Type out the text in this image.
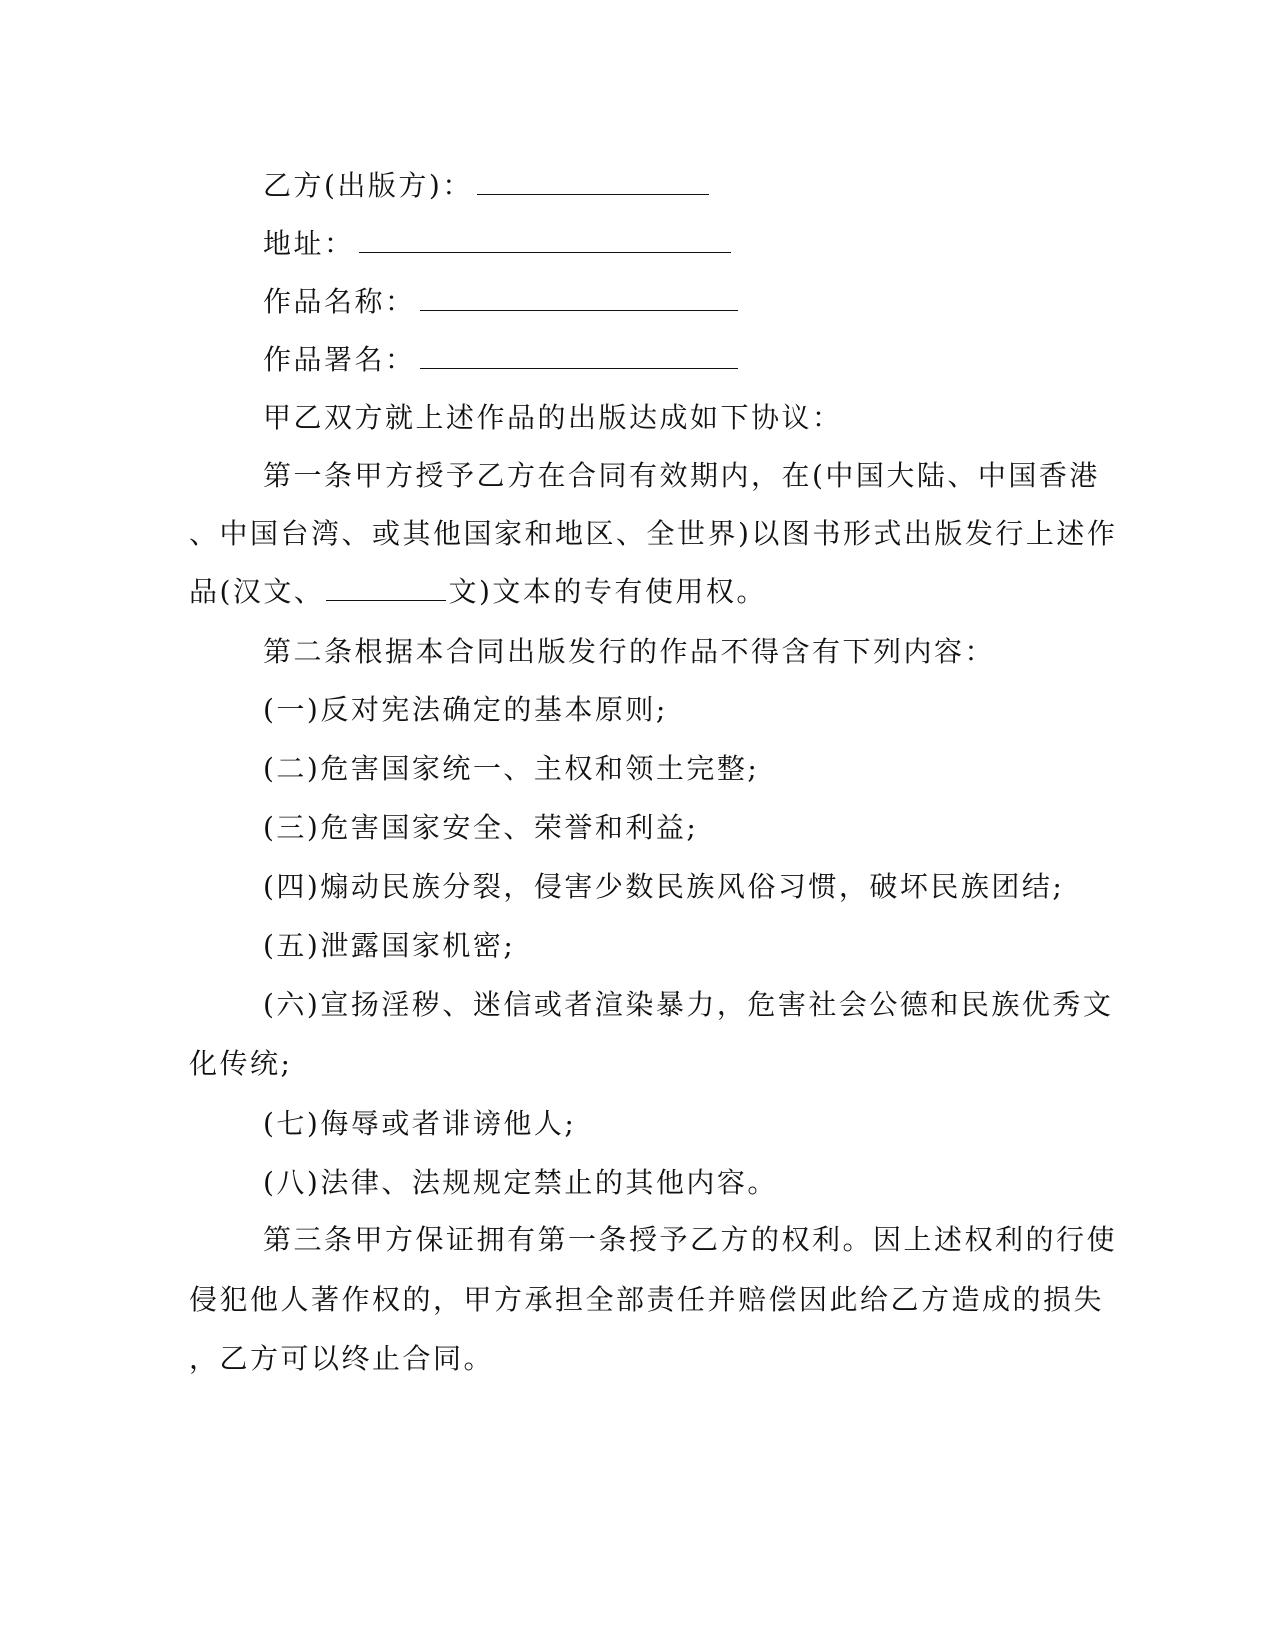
乙方(出版方)：
地址：
作品名称：
作品署名：
甲乙双方就上述作品的出版达成如下协议：
第一条甲方授予乙方在合同有效期内，在(中国大陆、中国香港
、中国台湾、或其他国家和地区、全世界)以图书形式出版发行上述作
品(汉文、	文)文本的专有使用权。
第二条根据本合同出版发行的作品不得含有下列内容：
(一)反对宪法确定的基本原则;
(二)危害国家统一、主权和领土完整;
(三)危害国家安全、荣誉和利益;
(四)煽动民族分裂，侵害少数民族风俗习惯，破坏民族团结;
(五)泄露国家机密;
(六)宣扬淫秽、迷信或者渲染暴力，危害社会公德和民族优秀文
化传统;
(七)侮辱或者诽谤他人;
(八)法律、法规规定禁止的其他内容。
第三条甲方保证拥有第一条授予乙方的权利。因上述权利的行使
侵犯他人著作权的，甲方承担全部责任并赔偿因此给乙方造成的损失
，乙方可以终止合同。
